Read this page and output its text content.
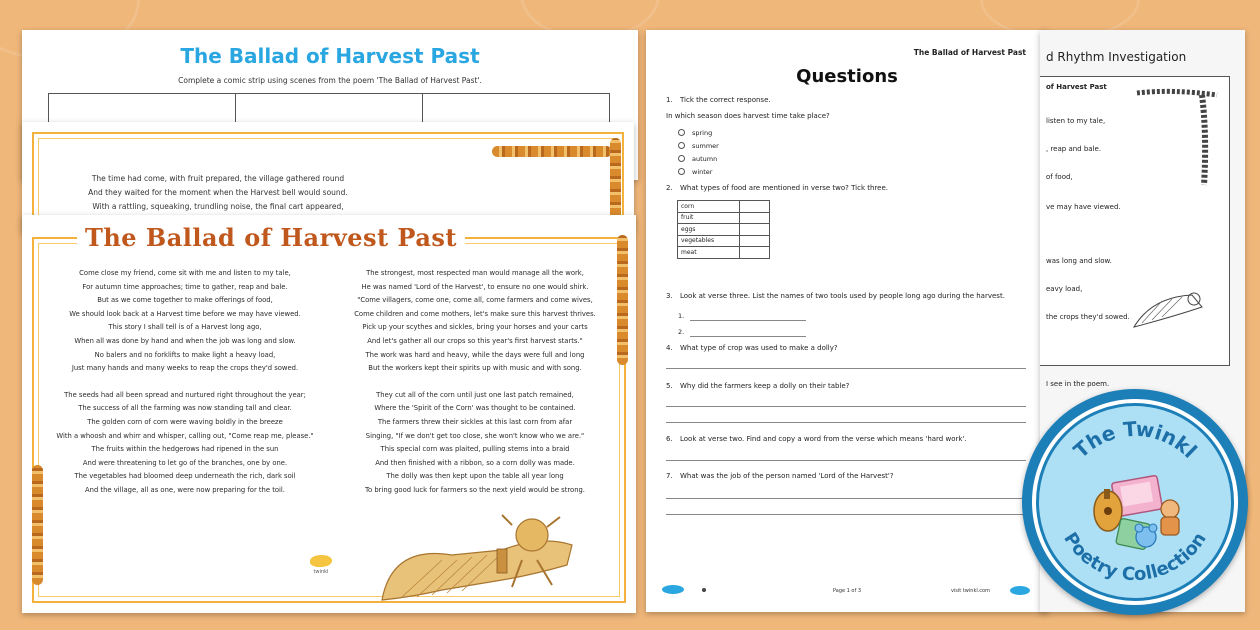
The Ballad of Harvest Past
Complete a comic strip using scenes from the poem 'The Ballad of Harvest Past'.
The time had come, with fruit prepared, the village gathered round
And they waited for the moment when the Harvest bell would sound.
With a rattling, squeaking, trundling noise, the final cart appeared,
The Ballad of Harvest Past
Come close my friend, come sit with me and listen to my tale,
For autumn time approaches; time to gather, reap and bale.
But as we come together to make offerings of food,
We should look back at a Harvest time before we may have viewed.
This story I shall tell is of a Harvest long ago,
When all was done by hand and when the job was long and slow.
No balers and no forklifts to make light a heavy load,
Just many hands and many weeks to reap the crops they'd sowed.
The seeds had all been spread and nurtured right throughout the year;
The success of all the farming was now standing tall and clear.
The golden corn of corn were waving boldly in the breeze
With a whoosh and whirr and whisper, calling out, "Come reap me, please."
The fruits within the hedgerows had ripened in the sun
And were threatening to let go of the branches, one by one.
The vegetables had bloomed deep underneath the rich, dark soil
And the village, all as one, were now preparing for the toil.
The strongest, most respected man would manage all the work,
He was named 'Lord of the Harvest', to ensure no one would shirk.
"Come villagers, come one, come all, come farmers and come wives,
Come children and come mothers, let's make sure this harvest thrives.
Pick up your scythes and sickles, bring your horses and your carts
And let's gather all our crops so this year's first harvest starts."
The work was hard and heavy, while the days were full and long
But the workers kept their spirits up with music and with song.
They cut all of the corn until just one last patch remained,
Where the 'Spirit of the Corn' was thought to be contained.
The farmers threw their sickles at this last corn from afar
Singing, "If we don't get too close, she won't know who we are."
This special corn was plaited, pulling stems into a braid
And then finished with a ribbon, so a corn dolly was made.
The dolly was then kept upon the table all year long
To bring good luck for farmers so the next yield would be strong.
twinkl
The Ballad of Harvest Past
Questions
1. Tick the correct response.
In which season does harvest time take place?
spring
summer
autumn
winter
2. What types of food are mentioned in verse two? Tick three.
corn	
fruit	
eggs	
vegetables	
meat	
3. Look at verse three. List the names of two tools used by people long ago during the harvest.
1.
2.
4. What type of crop was used to make a dolly?
5. Why did the farmers keep a dolly on their table?
6. Look at verse two. Find and copy a word from the verse which means 'hard work'.
7. What was the job of the person named 'Lord of the Harvest'?
Page 1 of 3	visit twinkl.com
d Rhythm Investigation
of Harvest Past
listen to my tale,
, reap and bale.
of food,
ve may have viewed.
was long and slow.
eavy load,
the crops they'd sowed.
I see in the poem.
The Twinkl
Poetry Collection
